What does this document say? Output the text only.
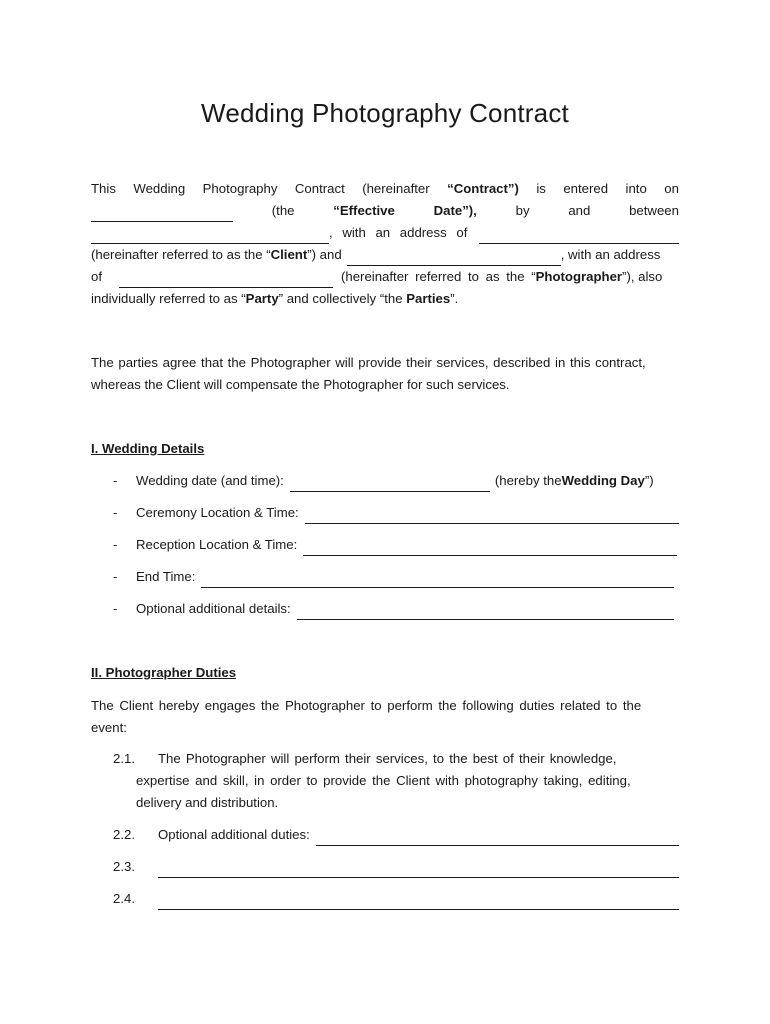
Wedding Photography Contract
This Wedding Photography Contract (hereinafter “Contract”) is entered into on
(the	“Effective	Date”),	by	and	between
, with an address of
(hereinafter referred to as the “ Client ”) and	, with an address
of	(hereinafter referred to as the “ Photographer ”), also
individually referred to as “Party” and collectively “the Parties”.
The parties agree that the Photographer will provide their services, described in this contract,
whereas the Client will compensate the Photographer for such services.
I. Wedding Details
-	Wedding date (and time):	(hereby the Wedding Day ”)
-	Ceremony Location & Time:
-	Reception Location & Time:
-	End Time:
-	Optional additional details:
II. Photographer Duties
The Client hereby engages the Photographer to perform the following duties related to the
event:
2.1.	The Photographer will perform their services, to the best of their knowledge,
expertise and skill, in order to provide the Client with photography taking, editing,
delivery and distribution.
2.2.	Optional additional duties:
2.3.
2.4.
